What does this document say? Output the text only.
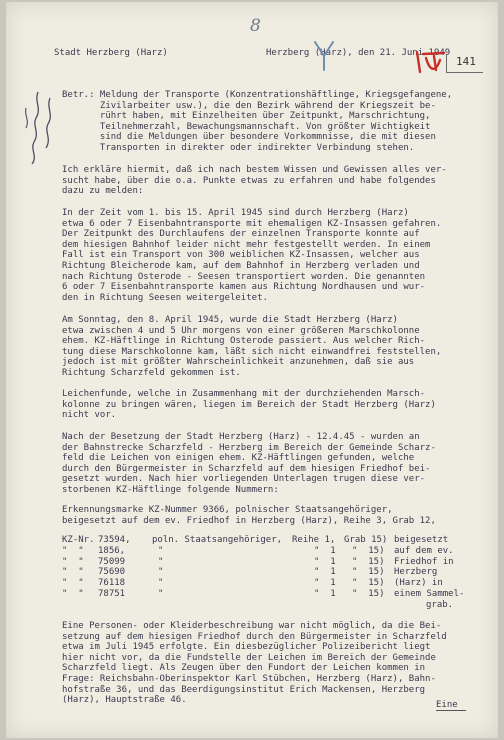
8
Stadt Herzberg (Harz)	Herzberg (Harz), den 21. Juni 1949
141
Betr.: Meldung der Transporte (Konzentrationshäftlinge, Kriegsgefangene,
Zivilarbeiter usw.), die den Bezirk während der Kriegszeit be-
rührt haben, mit Einzelheiten über Zeitpunkt, Marschrichtung,
Teilnehmerzahl, Bewachungsmannschaft. Von größter Wichtigkeit
sind die Meldungen über besondere Vorkommnisse, die mit diesen
Transporten in direkter oder indirekter Verbindung stehen.
Ich erkläre hiermit, daß ich nach bestem Wissen und Gewissen alles ver-
sucht habe, über die o.a. Punkte etwas zu erfahren und habe folgendes
dazu zu melden:
In der Zeit vom 1. bis 15. April 1945 sind durch Herzberg (Harz)
etwa 6 oder 7 Eisenbahntransporte mit ehemaligen KZ-Insassen gefahren.
Der Zeitpunkt des Durchlaufens der einzelnen Transporte konnte auf
dem hiesigen Bahnhof leider nicht mehr festgestellt werden. In einem
Fall ist ein Transport von 300 weiblichen KZ-Insassen, welcher aus
Richtung Bleicherode kam, auf dem Bahnhof in Herzberg verladen und
nach Richtung Osterode - Seesen transportiert worden. Die genannten
6 oder 7 Eisenbahntransporte kamen aus Richtung Nordhausen und wur-
den in Richtung Seesen weitergeleitet.
Am Sonntag, den 8. April 1945, wurde die Stadt Herzberg (Harz)
etwa zwischen 4 und 5 Uhr morgens von einer größeren Marschkolonne
ehem. KZ-Häftlinge in Richtung Osterode passiert. Aus welcher Rich-
tung diese Marschkolonne kam, läßt sich nicht einwandfrei feststellen,
jedoch ist mit größter Wahrscheinlichkeit anzunehmen, daß sie aus
Richtung Scharzfeld gekommen ist.
Leichenfunde, welche in Zusammenhang mit der durchziehenden Marsch-
kolonne zu bringen wären, liegen im Bereich der Stadt Herzberg (Harz)
nicht vor.
Nach der Besetzung der Stadt Herzberg (Harz) - 12.4.45 - wurden an
der Bahnstrecke Scharzfeld - Herzberg im Bereich der Gemeinde Scharz-
feld die Leichen von einigen ehem. KZ-Häftlingen gefunden, welche
durch den Bürgermeister in Scharzfeld auf dem hiesigen Friedhof bei-
gesetzt wurden. Nach hier vorliegenden Unterlagen trugen diese ver-
storbenen KZ-Häftlinge folgende Nummern:
Erkennungsmarke KZ-Nummer 9366, polnischer Staatsangehöriger,
beigesetzt auf dem ev. Friedhof in Herzberg (Harz), Reihe 3, Grab 12,
KZ-Nr. 73594, poln. Staatsangehöriger, Reihe 1, Grab 15) beigesetzt
"  " 1856,	"	"  1 "  15) auf dem ev.
"  " 75099	"	"  1 "  15) Friedhof in
"  " 75690	"	"  1 "  15) Herzberg
"  " 76118	"	"  1 "  15) (Harz) in
"  " 78751	"	"  1 "  15) einem Sammel-
grab.
Eine Personen- oder Kleiderbeschreibung war nicht möglich, da die Bei-
setzung auf dem hiesigen Friedhof durch den Bürgermeister in Scharzfeld
etwa im Juli 1945 erfolgte. Ein diesbezüglicher Polizeibericht liegt
hier nicht vor, da die Fundstelle der Leichen im Bereich der Gemeinde
Scharzfeld liegt. Als Zeugen über den Fundort der Leichen kommen in
Frage: Reichsbahn-Oberinspektor Karl Stübchen, Herzberg (Harz), Bahn-
hofstraße 36, und das Beerdigungsinstitut Erich Mackensen, Herzberg
(Harz), Hauptstraße 46.	Eine
